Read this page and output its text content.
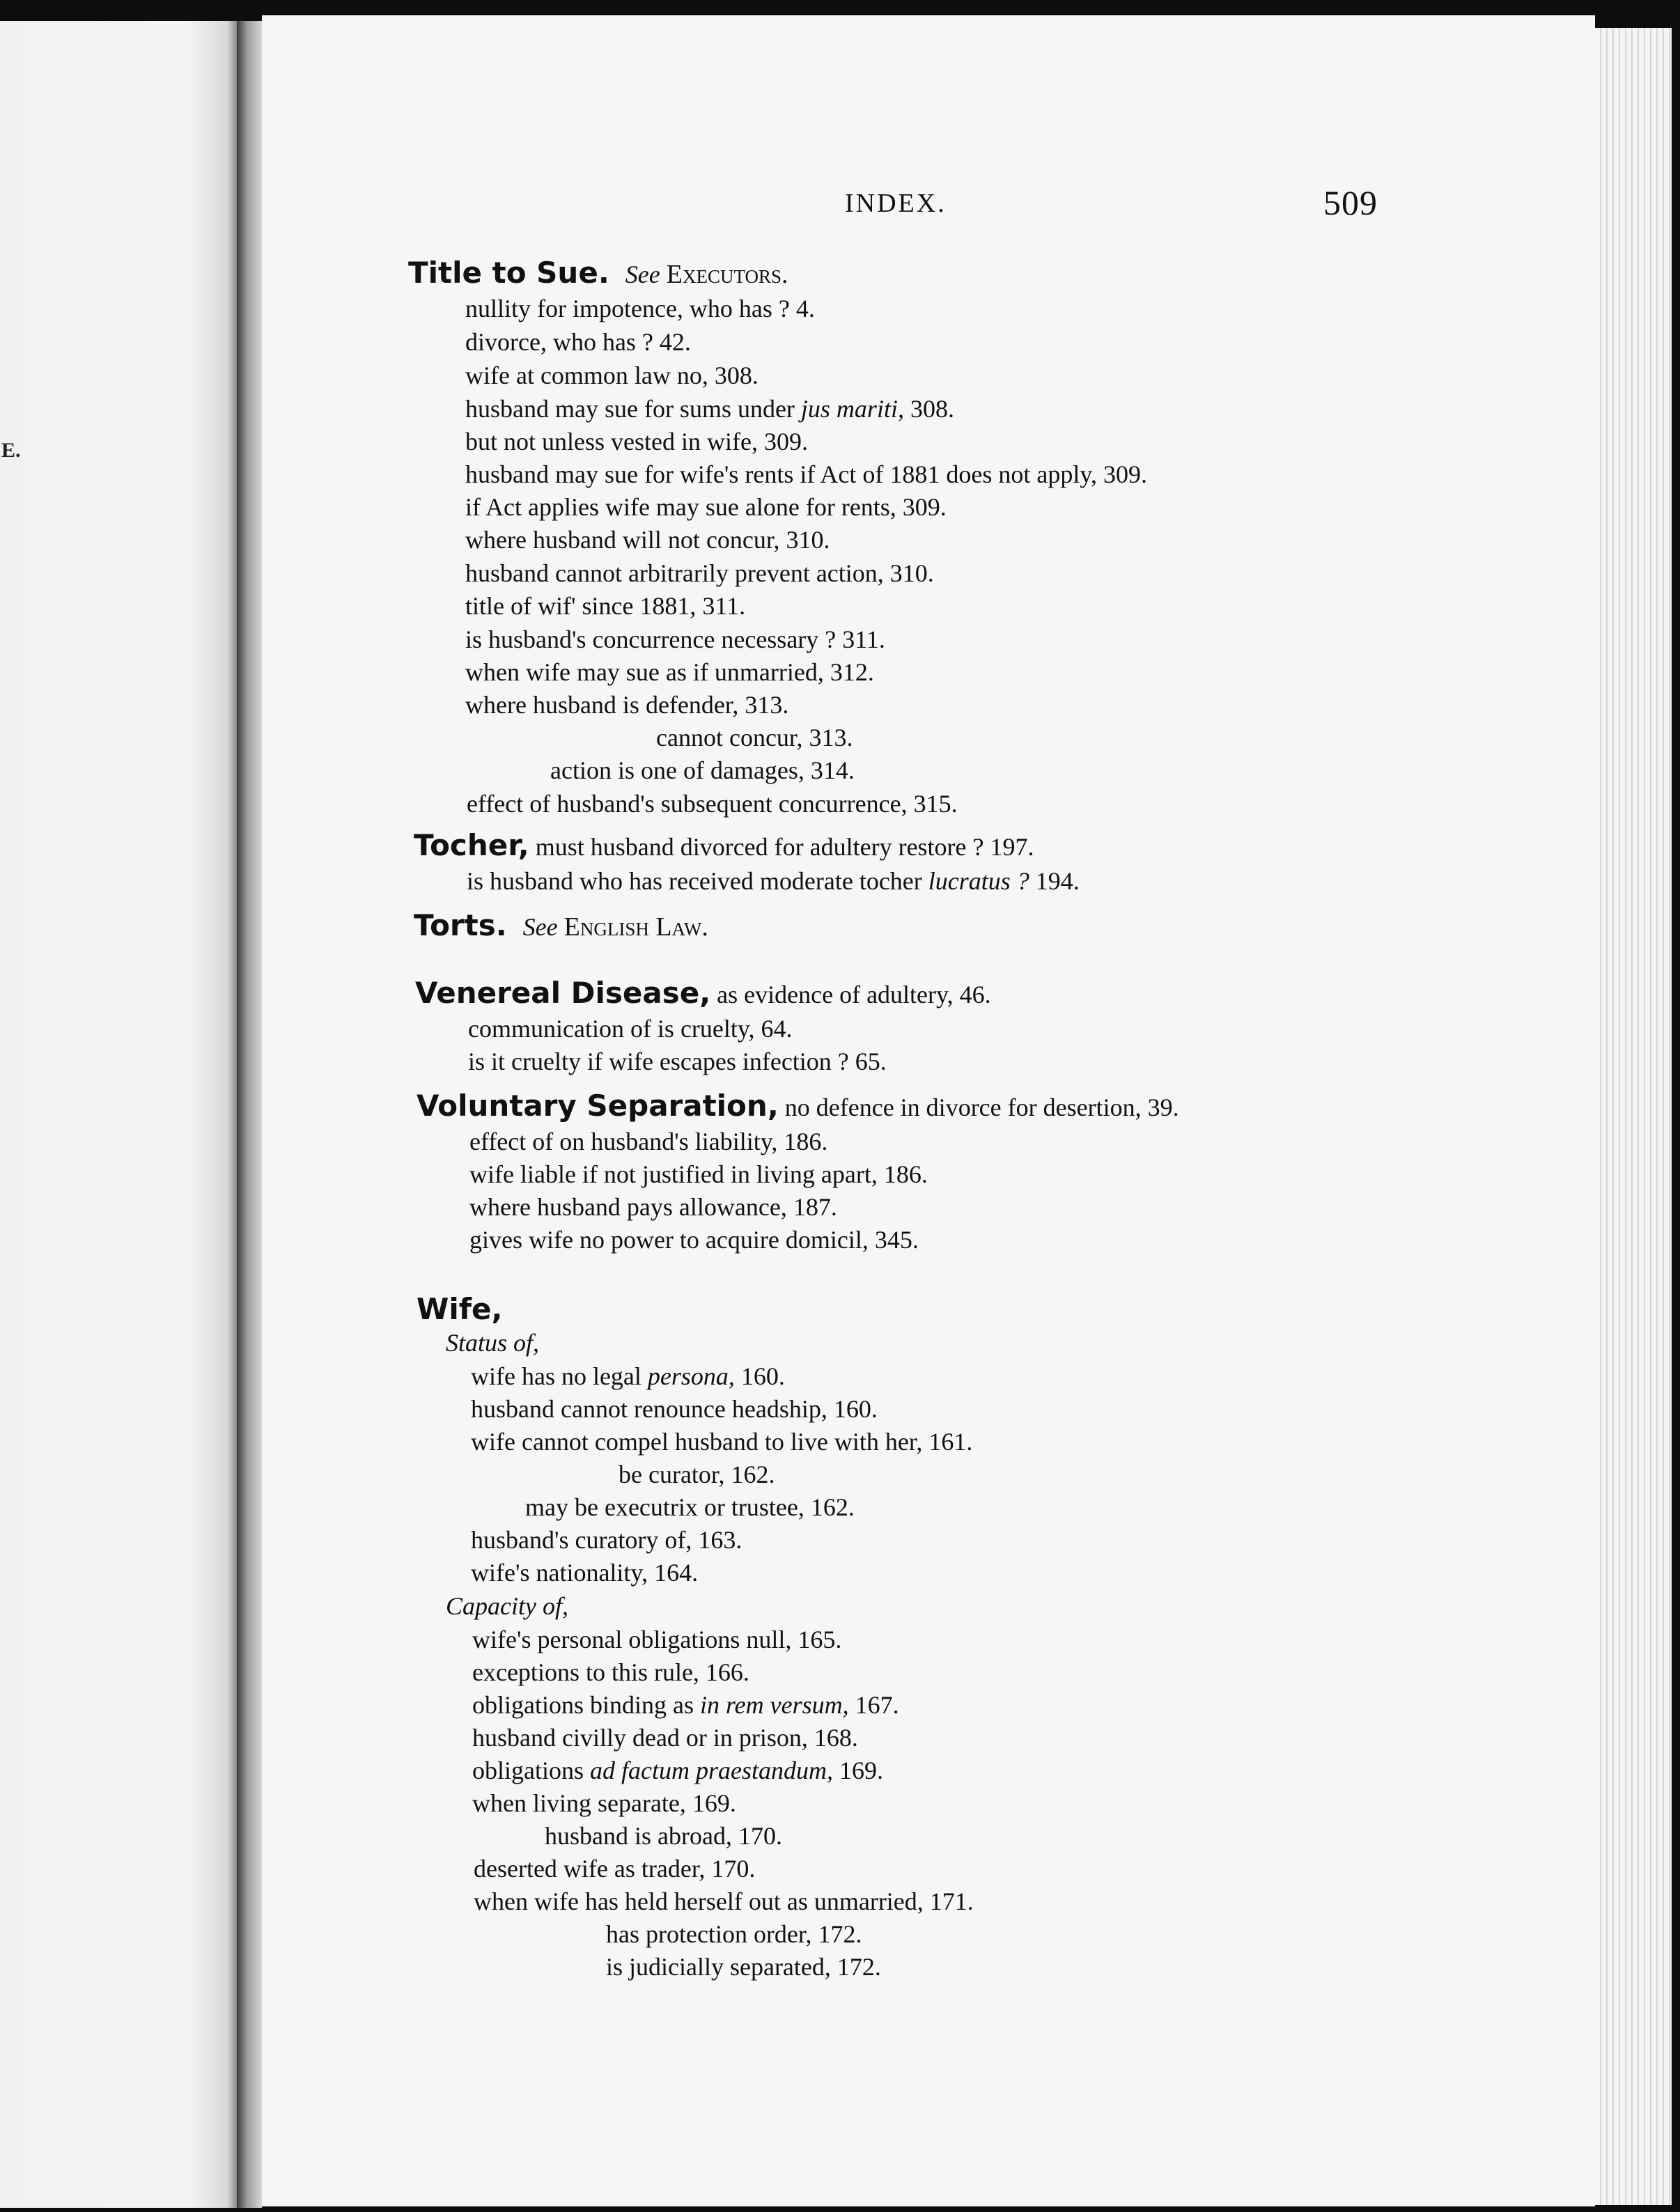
E.
INDEX.	509
Title to Sue. See Executors.
nullity for impotence, who has ? 4.
divorce, who has ? 42.
wife at common law no, 308.
husband may sue for sums under jus mariti, 308.
but not unless vested in wife, 309.
husband may sue for wife's rents if Act of 1881 does not apply, 309.
if Act applies wife may sue alone for rents, 309.
where husband will not concur, 310.
husband cannot arbitrarily prevent action, 310.
title of wif' since 1881, 311.
is husband's concurrence necessary ? 311.
when wife may sue as if unmarried, 312.
where husband is defender, 313.
cannot concur, 313.
action is one of damages, 314.
effect of husband's subsequent concurrence, 315.
Tocher, must husband divorced for adultery restore ? 197.
is husband who has received moderate tocher lucratus ? 194.
Torts. See English Law.
Venereal Disease, as evidence of adultery, 46.
communication of is cruelty, 64.
is it cruelty if wife escapes infection ? 65.
Voluntary Separation, no defence in divorce for desertion, 39.
effect of on husband's liability, 186.
wife liable if not justified in living apart, 186.
where husband pays allowance, 187.
gives wife no power to acquire domicil, 345.
Wife,
Status of,
wife has no legal persona, 160.
husband cannot renounce headship, 160.
wife cannot compel husband to live with her, 161.
be curator, 162.
may be executrix or trustee, 162.
husband's curatory of, 163.
wife's nationality, 164.
Capacity of,
wife's personal obligations null, 165.
exceptions to this rule, 166.
obligations binding as in rem versum, 167.
husband civilly dead or in prison, 168.
obligations ad factum praestandum, 169.
when living separate, 169.
husband is abroad, 170.
deserted wife as trader, 170.
when wife has held herself out as unmarried, 171.
has protection order, 172.
is judicially separated, 172.
